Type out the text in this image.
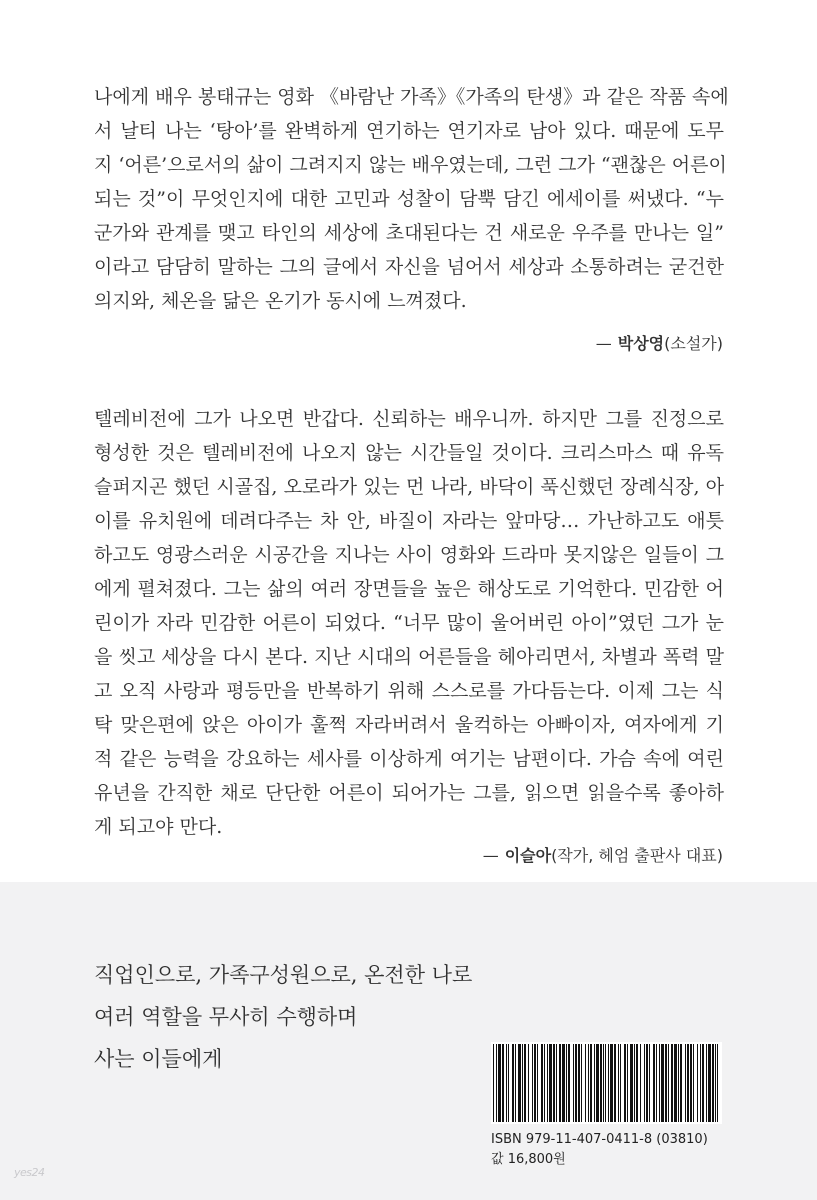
나에게 배우 봉태규는 영화 《바람난 가족》《가족의 탄생》과 같은 작품 속에
서 날티 나는 ‘탕아’를 완벽하게 연기하는 연기자로 남아 있다. 때문에 도무
지 ‘어른’으로서의 삶이 그려지지 않는 배우였는데, 그런 그가 “괜찮은 어른이
되는 것”이 무엇인지에 대한 고민과 성찰이 담뿍 담긴 에세이를 써냈다. “누
군가와 관계를 맺고 타인의 세상에 초대된다는 건 새로운 우주를 만나는 일”
이라고 담담히 말하는 그의 글에서 자신을 넘어서 세상과 소통하려는 굳건한
의지와, 체온을 닮은 온기가 동시에 느껴졌다.
— 박상영(소설가)
텔레비전에 그가 나오면 반갑다. 신뢰하는 배우니까. 하지만 그를 진정으로
형성한 것은 텔레비전에 나오지 않는 시간들일 것이다. 크리스마스 때 유독
슬퍼지곤 했던 시골집, 오로라가 있는 먼 나라, 바닥이 푹신했던 장례식장, 아
이를 유치원에 데려다주는 차 안, 바질이 자라는 앞마당… 가난하고도 애틋
하고도 영광스러운 시공간을 지나는 사이 영화와 드라마 못지않은 일들이 그
에게 펼쳐졌다. 그는 삶의 여러 장면들을 높은 해상도로 기억한다. 민감한 어
린이가 자라 민감한 어른이 되었다. “너무 많이 울어버린 아이”였던 그가 눈
을 씻고 세상을 다시 본다. 지난 시대의 어른들을 헤아리면서, 차별과 폭력 말
고 오직 사랑과 평등만을 반복하기 위해 스스로를 가다듬는다. 이제 그는 식
탁 맞은편에 앉은 아이가 훌쩍 자라버려서 울컥하는 아빠이자, 여자에게 기
적 같은 능력을 강요하는 세사를 이상하게 여기는 남편이다. 가슴 속에 여린
유년을 간직한 채로 단단한 어른이 되어가는 그를, 읽으면 읽을수록 좋아하
게 되고야 만다.
— 이슬아(작가, 헤엄 출판사 대표)
직업인으로, 가족구성원으로, 온전한 나로
여러 역할을 무사히 수행하며
사는 이들에게
ISBN 979-11-407-0411-8 (03810)
값 16,800원
yes24
